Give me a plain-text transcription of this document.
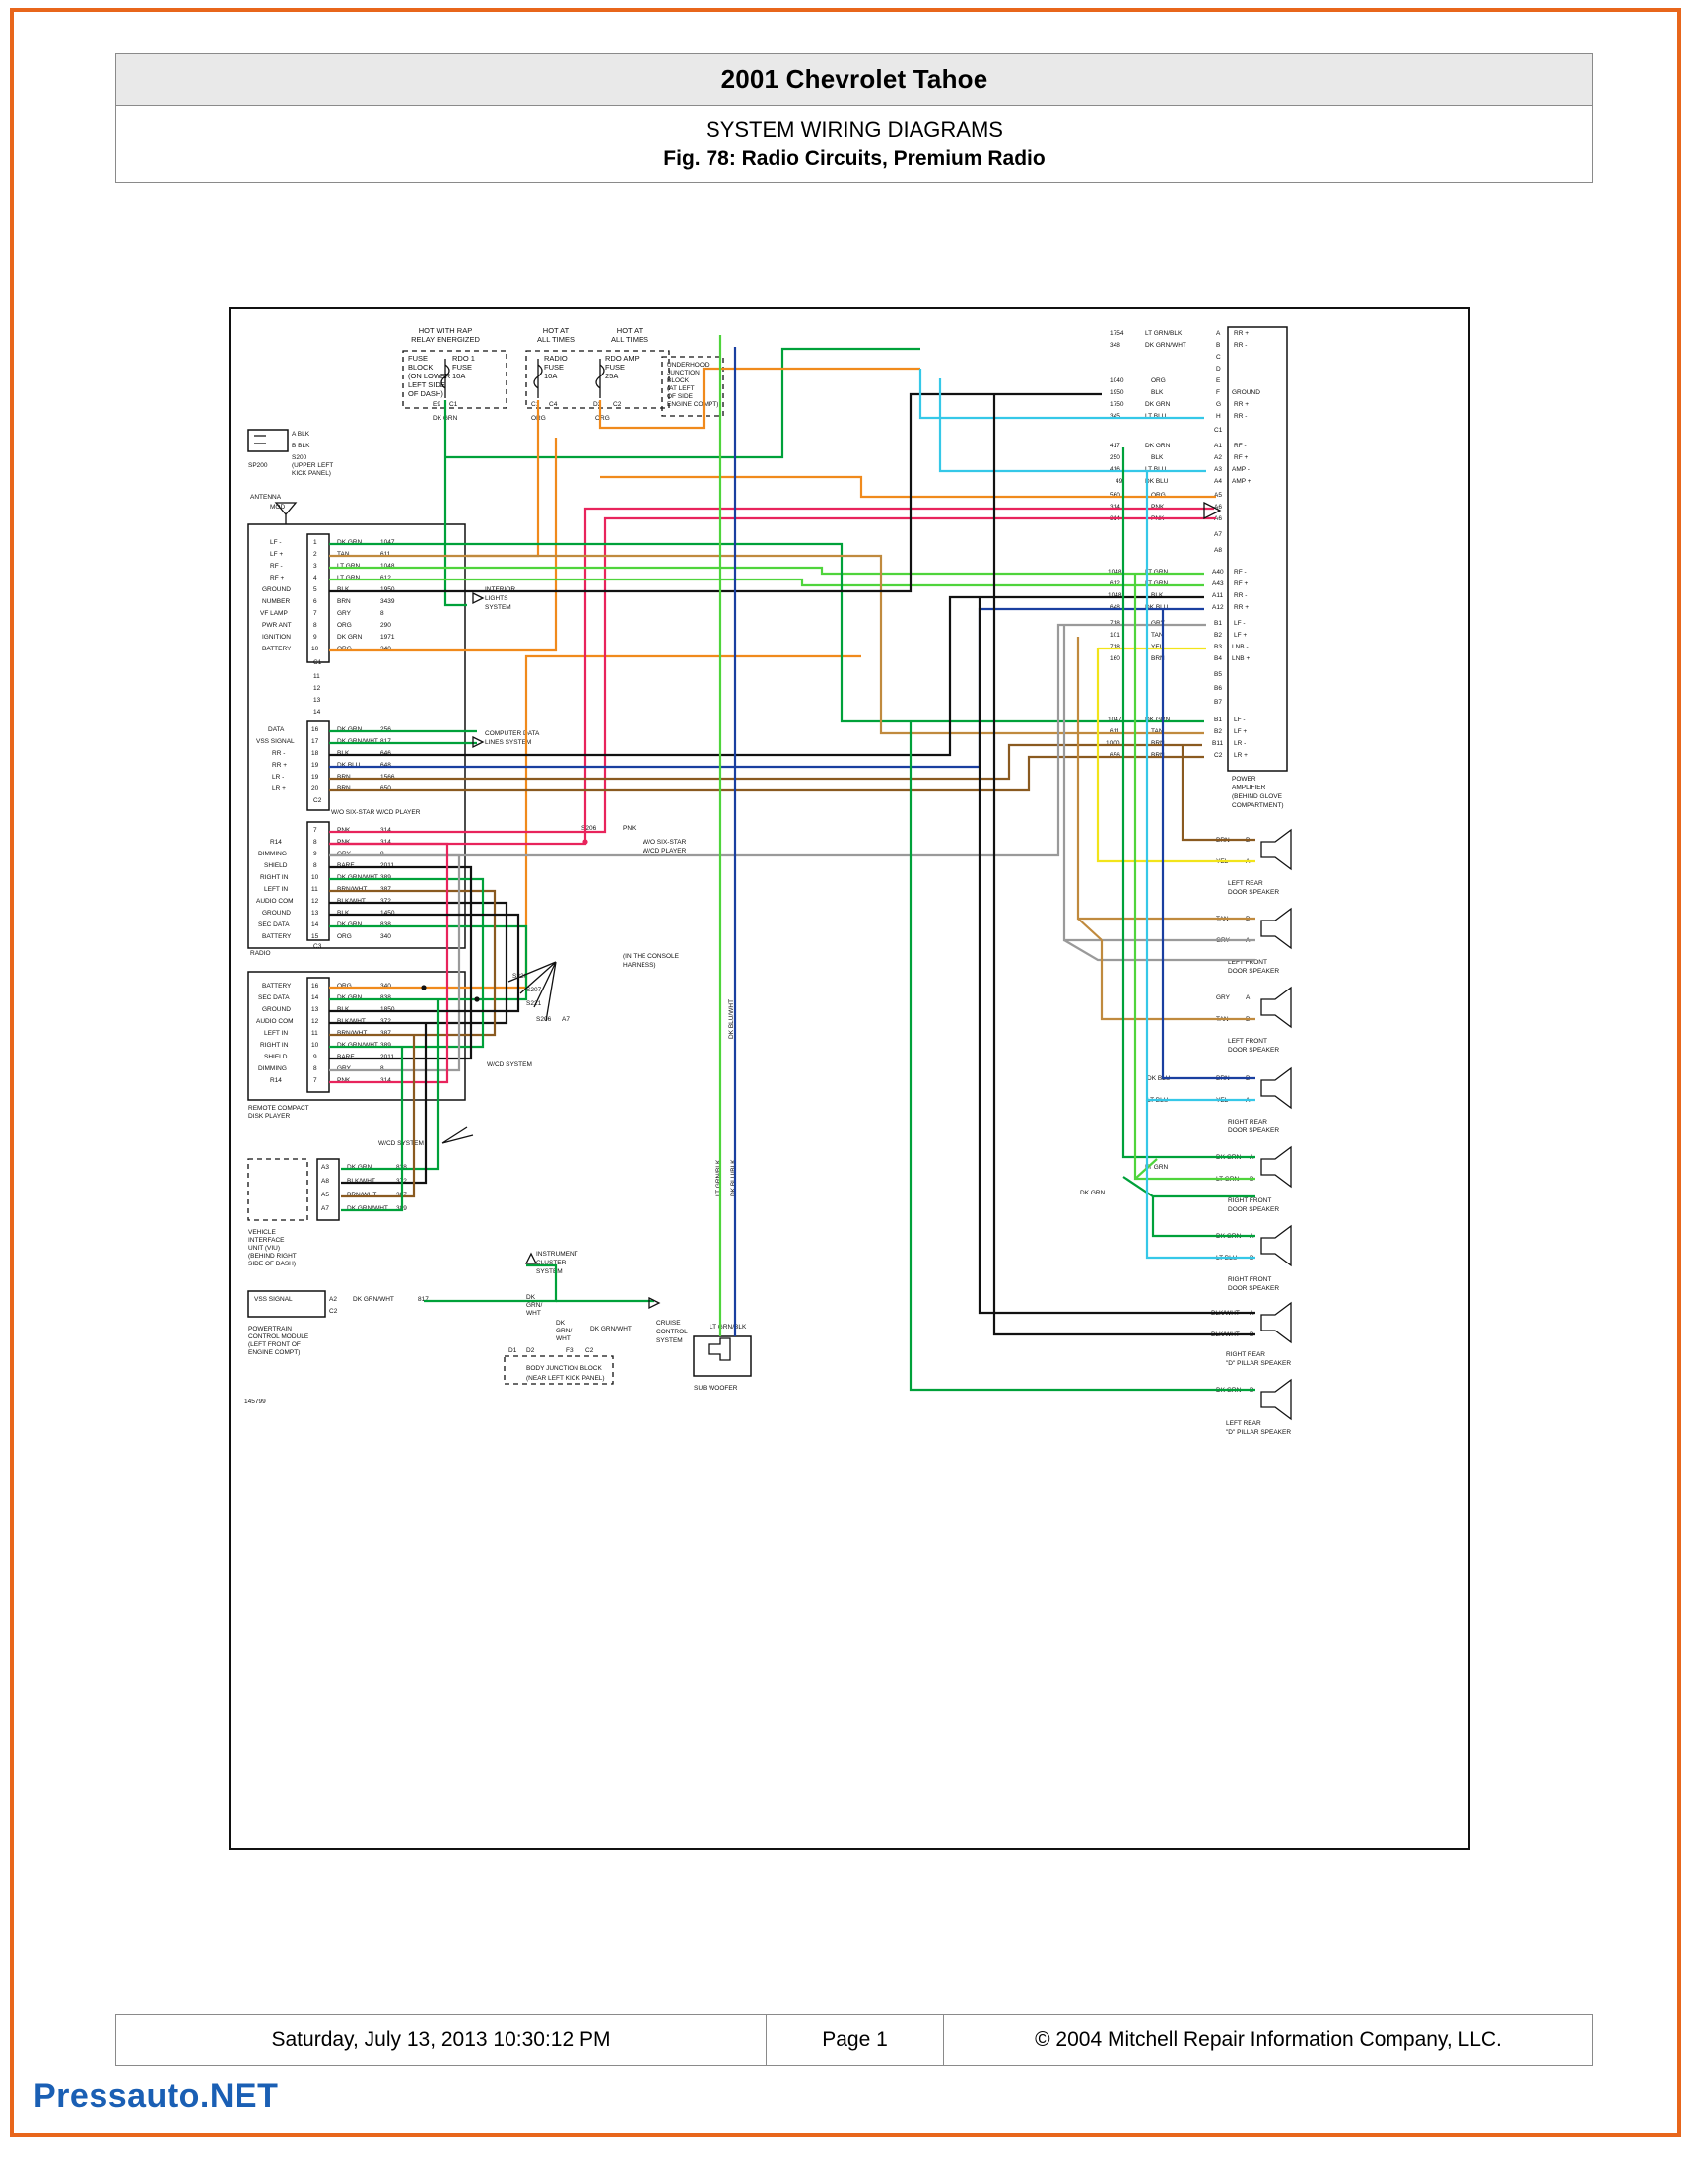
2001 Chevrolet Tahoe
SYSTEM WIRING DIAGRAMS
Fig. 78: Radio Circuits, Premium Radio
HOT WITH RAP
RELAY ENERGIZED
HOT AT
ALL TIMES
HOT AT
ALL TIMES
FUSE
BLOCK
(ON LOWER
LEFT SIDE
OF DASH)
RDO 1
FUSE
10A
RADIO
FUSE
10A
RDO AMP
FUSE
25A
E9 C1	C1 C4	D2 C2
DK GRN	ORG	ORG
UNDERHOOD
JUNCTION
BLOCK
(AT LEFT
OF SIDE
ENGINE COMPT)
A BLK
B BLK
S200
(UPPER LEFT
KICK PANEL)
SP200
ANTENNA
MOD
RADIO
LF -	1	DK GRN	1047
LF +	2	TAN	611
RF -	3	LT GRN	1048
RF +	4	LT GRN	612
GROUND	5	BLK	1950
NUMBER	6	BRN	3439
VF LAMP	7	GRY	8
PWR ANT	8	ORG	290
IGNITION	9	DK GRN	1971
BATTERY	10	ORG	340
C1
11
12
13
14
DATA	16	DK GRN	256
VSS SIGNAL	17	DK GRN/WHT 817
RR -	18	BLK	646
RR +	19	DK BLU	648
LR -	19	BRN	1566
LR +	20	BRN	650
C2
W/O SIX-STAR W/CD PLAYER
7	PNK	314
R14	8	PNK	314
DIMMING	9	GRY	8
SHIELD	8	BARE	2011
RIGHT IN	10	DK GRN/WHT 389
LEFT IN	11	BRN/WHT 387
AUDIO COM	12	BLK/WHT 372
GROUND	13	BLK	1450
SEC DATA	14	DK GRN	838
BATTERY	15	ORG	340
C3
BATTERY	16	ORG	340
SEC DATA	14	DK GRN	838
GROUND	13	BLK	1850
AUDIO COM	12	BLK/WHT 372
LEFT IN	11	BRN/WHT 387
RIGHT IN	10	DK GRN/WHT 389
SHIELD	9	BARE	2011
DIMMING	8	GRY	8
R14	7	PNK	314
REMOTE COMPACT
DISK PLAYER
W/CD SYSTEM
A3	DK GRN	838
A8	BLK/WHT	372
A5	BRN/WHT	387
A7	DK GRN/WHT 389
VEHICLE
INTERFACE
UNIT (VIU)
(BEHIND RIGHT
SIDE OF DASH)
VSS SIGNAL	A2 DK GRN/WHT	817
C2
POWERTRAIN
CONTROL MODULE
(LEFT FRONT OF
ENGINE COMPT)
145799
D1 D2	F3 C2
BODY JUNCTION BLOCK
(NEAR LEFT KICK PANEL)
INSTRUMENT
CLUSTER
SYSTEM
DK
GRN/
WHT
DK
GRN/
WHT
DK GRN/WHT
CRUISE
CONTROL
SYSTEM
INTERIOR
LIGHTS
SYSTEM
COMPUTER DATA
LINES SYSTEM
(IN THE CONSOLE
HARNESS)
W/O SIX-STAR
W/CD PLAYER
S206	PNK
S220
S207
S221
S206 A7
W/CD SYSTEM
SUB WOOFER
LT GRN/BLK
LT GRN/BLK DK BLU/BLK
DK BLU/WHT
POWER
AMPLIFIER
(BEHIND GLOVE
COMPARTMENT)
1754	LT GRN/BLK	A RR +
348	DK GRN/WHT	B RR -
C
D
1040	ORG	E
1950	BLK	F GROUND
1750	DK GRN	G RR +
345	LT BLU	H RR -
C1
417	DK GRN	A1 RF -
250	BLK	A2 RF +
416	LT BLU	A3 AMP -
49	DK BLU	A4 AMP +
560	ORG	A5
314	PNK	A6
314	PNK	A6
A7
A8
1048	LT GRN	A40 RF -
612	LT GRN	A43 RF +
1048	BLK	A11 RR -
648	DK BLU	A12 RR +
718	GRY	B1 LF -
101	TAN	B2 LF +
718	YEL	B3 LNB -
160	BRN	B4 LNB +
B5
B6
B7
1047	DK GRN	B1 LF -
611	TAN	B2 LF +
1000	BRN	B11 LR -
656	BRN	C2 LR +
BRN	B
YEL	A
LEFT REAR
DOOR SPEAKER
TAN	B
GRY A
LEFT FRONT
DOOR SPEAKER
GRY A
TAN	B
LEFT FRONT
DOOR SPEAKER
BRN	B
YEL	A
RIGHT REAR
DOOR SPEAKER
DK BLU
LT BLU
DK GRN A
LT GRN B
RIGHT FRONT
DOOR SPEAKER
LT GRN
DK GRN
DK GRN A
LT BLU B
RIGHT FRONT
DOOR SPEAKER
BLK/WHT A
BLK/WHT B
RIGHT REAR
"D" PILLAR SPEAKER
DK GRN B
LEFT REAR
"D" PILLAR SPEAKER
Saturday, July 13, 2013 10:30:12 PM	Page 1	© 2004 Mitchell Repair Information Company, LLC.
Pressauto.NET
